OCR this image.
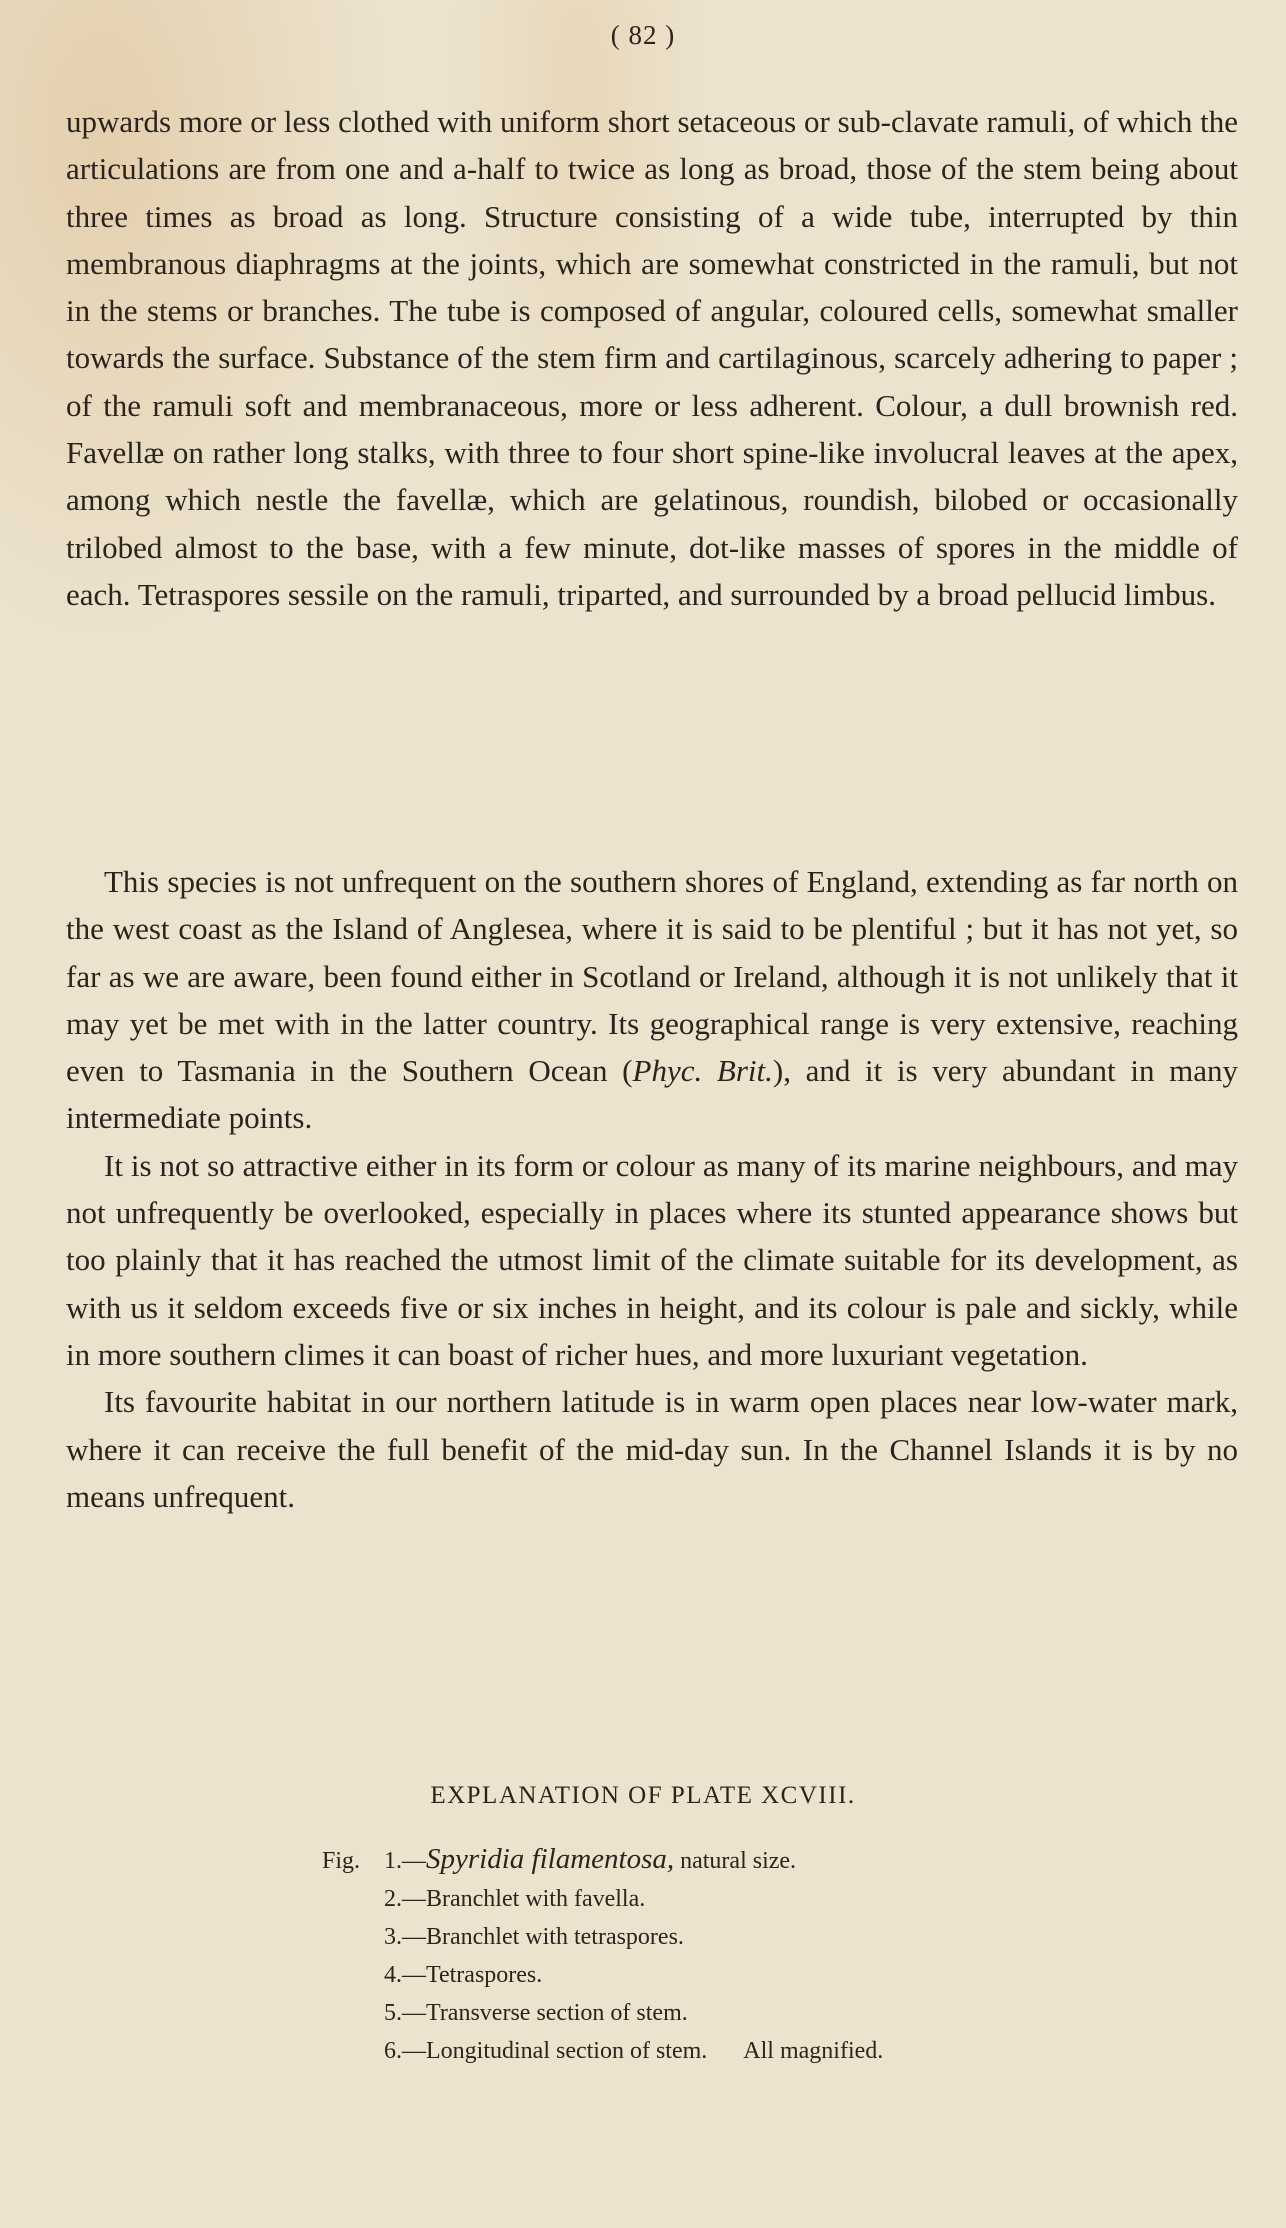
( 82 )

upwards more or less clothed with uniform short setaceous or sub-clavate ramuli, of which the articulations are from one and a-half to twice as long as broad, those of the stem being about three times as broad as long. Structure consisting of a wide tube, interrupted by thin membranous diaphragms at the joints, which are somewhat constricted in the ramuli, but not in the stems or branches. The tube is composed of angular, coloured cells, somewhat smaller towards the surface. Substance of the stem firm and cartilaginous, scarcely adhering to paper ; of the ramuli soft and membranaceous, more or less adherent. Colour, a dull brownish red. Favellæ on rather long stalks, with three to four short spine-like involucral leaves at the apex, among which nestle the favellæ, which are gelatinous, roundish, bilobed or occasionally trilobed almost to the base, with a few minute, dot-like masses of spores in the middle of each. Tetraspores sessile on the ramuli, triparted, and surrounded by a broad pellucid limbus.

This species is not unfrequent on the southern shores of England, extending as far north on the west coast as the Island of Anglesea, where it is said to be plentiful ; but it has not yet, so far as we are aware, been found either in Scotland or Ireland, although it is not unlikely that it may yet be met with in the latter country. Its geographical range is very extensive, reaching even to Tasmania in the Southern Ocean (Phyc. Brit.), and it is very abundant in many intermediate points.

It is not so attractive either in its form or colour as many of its marine neighbours, and may not unfrequently be overlooked, especially in places where its stunted appearance shows but too plainly that it has reached the utmost limit of the climate suitable for its development, as with us it seldom exceeds five or six inches in height, and its colour is pale and sickly, while in more southern climes it can boast of richer hues, and more luxuriant vegetation.

Its favourite habitat in our northern latitude is in warm open places near low-water mark, where it can receive the full benefit of the mid-day sun. In the Channel Islands it is by no means unfrequent.

EXPLANATION OF PLATE XCVIII.
Fig. 1.—Spyridia filamentosa, natural size.
2.—Branchlet with favella.
3.—Branchlet with tetraspores.
4.—Tetraspores.
5.—Transverse section of stem.
6.—Longitudinal section of stem. All magnified.
